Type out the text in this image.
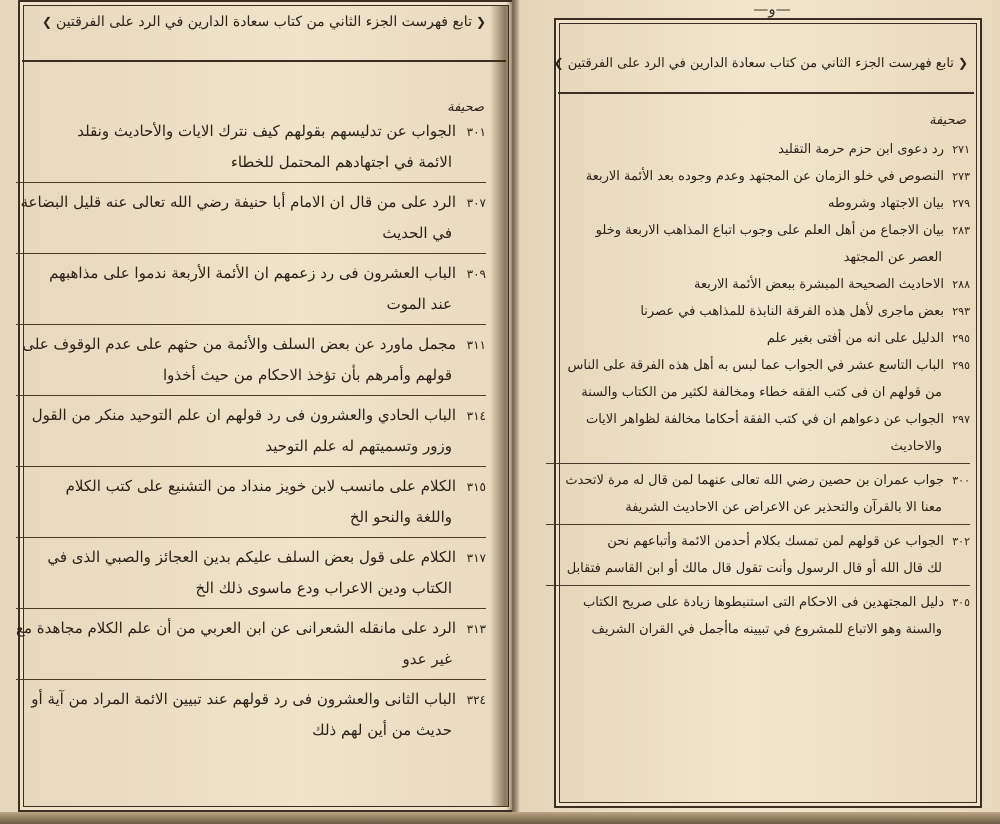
❮تابع فهرست الجزء الثاني من كتاب سعادة الدارين في الرد على الفرقتين❯
صحيفة
٣٠١الجواب عن تدليسهم بقولهم كيف نترك الايات والأحاديث ونقلد
الائمة في اجتهادهم المحتمل للخطاء
٣٠٧الرد على من قال ان الامام أبا حنيفة رضي الله تعالى عنه قليل البضاعة
في الحديث
٣٠٩الباب العشرون فى رد زعمهم ان الأئمة الأربعة ندموا على مذاهبهم
عند الموت
٣١١مجمل ماورد عن بعض السلف والأئمة من حثهم على عدم الوقوف على
قولهم وأمرهم بأن تؤخذ الاحكام من حيث أخذوا
٣١٤الباب الحادي والعشرون فى رد قولهم ان علم التوحيد منكر من القول
وزور وتسميتهم له علم التوحيد
٣١٥الكلام على مانسب لابن خويز منداد من التشنيع على كتب الكلام
واللغة والنحو الخ
٣١٧الكلام على قول بعض السلف عليكم بدين العجائز والصبي الذى في
الكتاب ودين الاعراب ودع ماسوى ذلك الخ
٣١٣الرد على مانقله الشعرانى عن ابن العربي من أن علم الكلام مجاهدة مع
غير عدو
٣٢٤الباب الثانى والعشرون فى رد قولهم عند تبيين الائمة المراد من آية أو
حديث من أين لهم ذلك
— و —
❮تابع فهرست الجزء الثاني من كتاب سعادة الدارين في الرد على الفرقتين❯
صحيفة
٢٧١رد دعوى ابن حزم حرمة التقليد
٢٧٣النصوص في خلو الزمان عن المجتهد وعدم وجوده بعد الأئمة الاربعة
٢٧٩بيان الاجتهاد وشروطه
٢٨٣بيان الاجماع من أهل العلم على وجوب اتباع المذاهب الاربعة وخلو
العصر عن المجتهد
٢٨٨الاحاديث الصحيحة المبشرة ببعض الأئمة الاربعة
٢٩٣بعض ماجرى لأهل هذه الفرقة النابذة للمذاهب في عصرنا
٢٩٥الدليل على انه من أفتى بغير علم
٢٩٥الباب التاسع عشر في الجواب عما لبس به أهل هذه الفرقة على الناس
من قولهم ان فى كتب الفقه خطاء ومخالفة لكثير من الكتاب والسنة
٢٩٧الجواب عن دعواهم ان في كتب الفقة أحكاما مخالفة لظواهر الايات
والاحاديث
٣٠٠جواب عمران بن حصين رضي الله تعالى عنهما لمن قال له مرة لاتحدث
معنا الا بالقرآن والتحذير عن الاعراض عن الاحاديث الشريفة
٣٠٢الجواب عن قولهم لمن تمسك بكلام أحدمن الائمة وأتباعهم نحن
لك قال الله أو قال الرسول وأنت تقول قال مالك أو ابن القاسم فتقابل
٣٠٥دليل المجتهدين فى الاحكام التى استنبطوها زيادة على صريح الكتاب
والسنة وهو الاتباع للمشروع في تبيينه ماأجمل في القران الشريف
